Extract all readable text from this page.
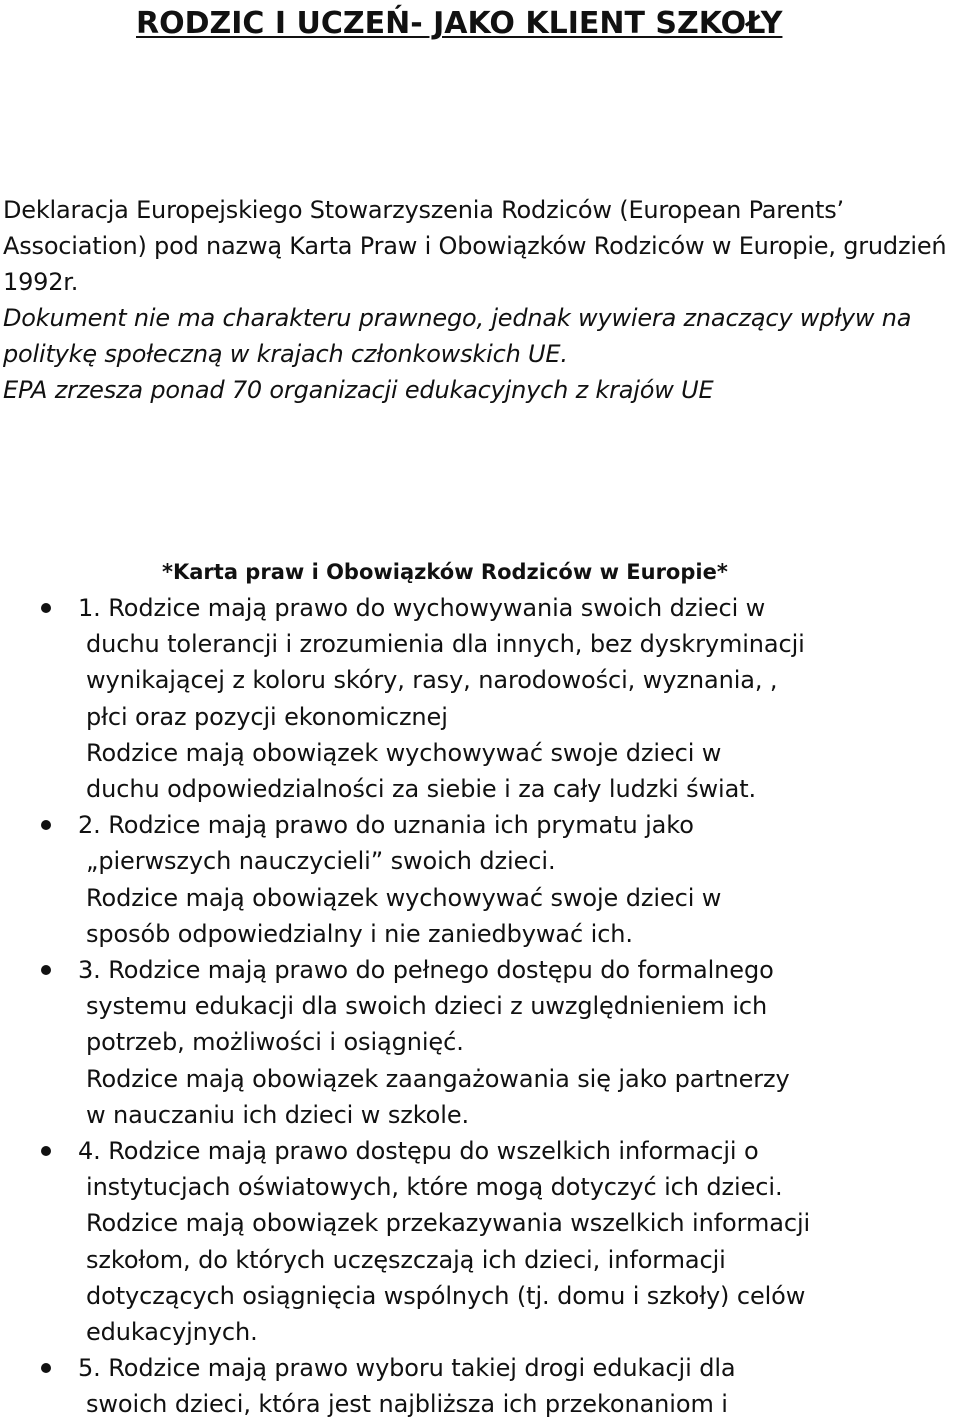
RODZIC I UCZEŃ- JAKO KLIENT SZKOŁY

Deklaracja Europejskiego Stowarzyszenia Rodziców (European Parents’ Association) pod nazwą Karta Praw i Obowiązków Rodziców w Europie, grudzień 1992r.
Dokument nie ma charakteru prawnego, jednak wywiera znaczący wpływ na politykę społeczną w krajach członkowskich UE.
EPA zrzesza ponad 70 organizacji edukacyjnych z krajów UE

*Karta praw i Obowiązków Rodziców w Europie*
1. Rodzice mają prawo do wychowywania swoich dzieci w
duchu tolerancji i zrozumienia dla innych, bez dyskryminacji
wynikającej z koloru skóry, rasy, narodowości, wyznania, ,
płci oraz pozycji ekonomicznej
Rodzice mają obowiązek wychowywać swoje dzieci w
duchu odpowiedzialności za siebie i za cały ludzki świat.
2. Rodzice mają prawo do uznania ich prymatu jako
„pierwszych nauczycieli” swoich dzieci.
Rodzice mają obowiązek wychowywać swoje dzieci w
sposób odpowiedzialny i nie zaniedbywać ich.
3. Rodzice mają prawo do pełnego dostępu do formalnego
systemu edukacji dla swoich dzieci z uwzględnieniem ich
potrzeb, możliwości i osiągnięć.
Rodzice mają obowiązek zaangażowania się jako partnerzy
w nauczaniu ich dzieci w szkole.
4. Rodzice mają prawo dostępu do wszelkich informacji o
instytucjach oświatowych, które mogą dotyczyć ich dzieci.
Rodzice mają obowiązek przekazywania wszelkich informacji
szkołom, do których uczęszczają ich dzieci, informacji
dotyczących osiągnięcia wspólnych (tj. domu i szkoły) celów
edukacyjnych.
5. Rodzice mają prawo wyboru takiej drogi edukacji dla
swoich dzieci, która jest najbliższa ich przekonaniom i
